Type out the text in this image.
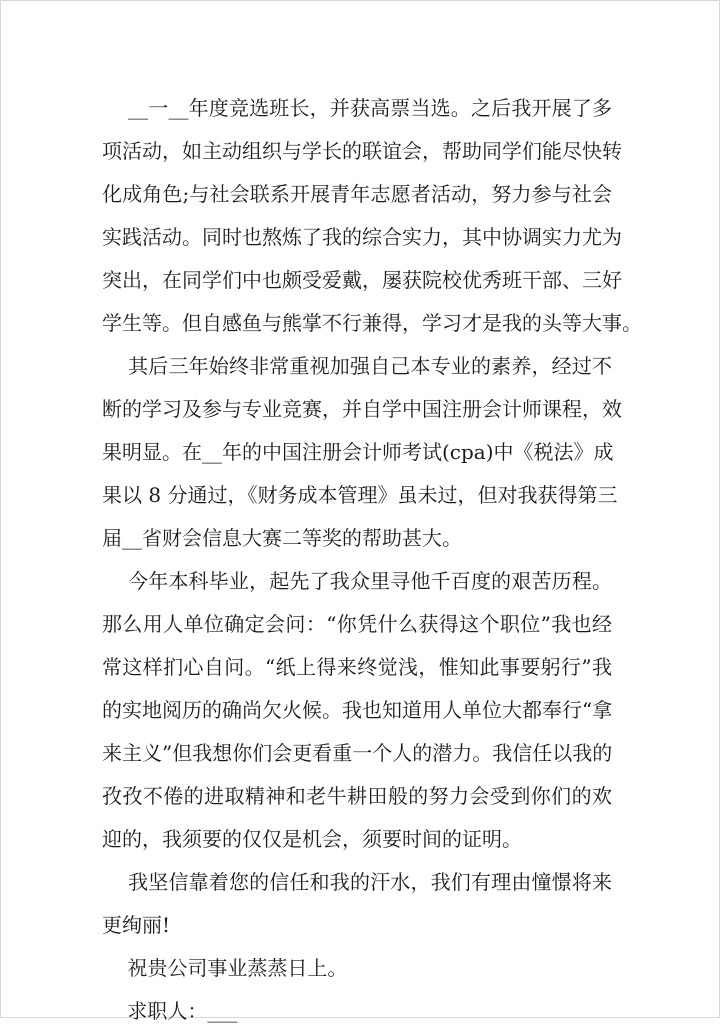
__一__年度竞选班长，并获高票当选。之后我开展了多
项活动，如主动组织与学长的联谊会，帮助同学们能尽快转
化成角色;与社会联系开展青年志愿者活动，努力参与社会
实践活动。同时也熬炼了我的综合实力，其中协调实力尤为
突出，在同学们中也颇受爱戴，屡获院校优秀班干部、三好
学生等。但自感鱼与熊掌不行兼得，学习才是我的头等大事。
其后三年始终非常重视加强自己本专业的素养，经过不
断的学习及参与专业竞赛，并自学中国注册会计师课程，效
果明显。在__年的中国注册会计师考试(cpa)中《税法》成
果以 8 分通过，《财务成本管理》虽未过，但对我获得第三
届__省财会信息大赛二等奖的帮助甚大。
今年本科毕业，起先了我众里寻他千百度的艰苦历程。
那么用人单位确定会问：“你凭什么获得这个职位”我也经
常这样扪心自问。“纸上得来终觉浅，惟知此事要躬行”我
的实地阅历的确尚欠火候。我也知道用人单位大都奉行“拿
来主义”但我想你们会更看重一个人的潜力。我信任以我的
孜孜不倦的进取精神和老牛耕田般的努力会受到你们的欢
迎的，我须要的仅仅是机会，须要时间的证明。
我坚信靠着您的信任和我的汗水，我们有理由憧憬将来
更绚丽!
祝贵公司事业蒸蒸日上。
求职人：___
